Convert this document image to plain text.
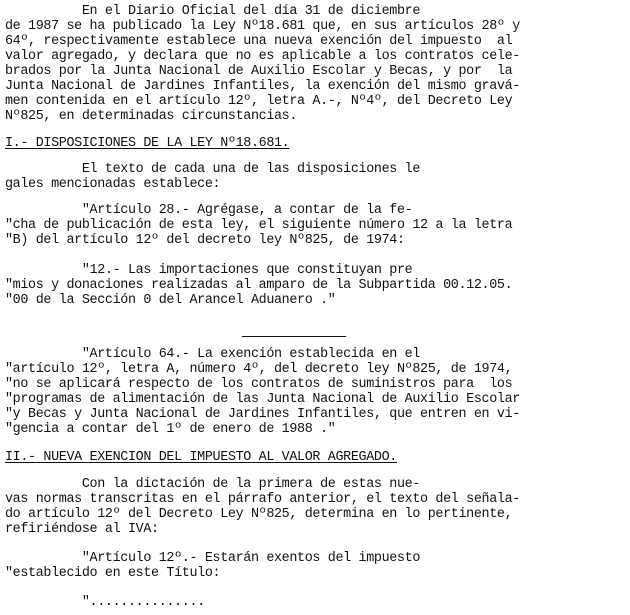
En el Diario Oficial del día 31 de diciembre
de 1987 se ha publicado la Ley Nº18.681 que, en sus artículos 28º y
64º, respectivamente establece una nueva exención del impuesto  al
valor agregado, y declara que no es aplicable a los contratos cele-
brados por la Junta Nacional de Auxilio Escolar y Becas, y por  la
Junta Nacional de Jardines Infantiles, la exención del mismo gravá-
men contenida en el artículo 12º, letra A.-, Nº4º, del Decreto Ley
Nº825, en determinadas circunstancias.
I.- DISPOSICIONES DE LA LEY Nº18.681.
El texto de cada una de las disposiciones le
gales mencionadas establece:
"Artículo 28.- Agrégase, a contar de la fe-
"cha de publicación de esta ley, el siguiente número 12 a la letra
"B) del artículo 12º del decreto ley Nº825, de 1974:
"12.- Las importaciones que constituyan pre
"mios y donaciones realizadas al amparo de la Subpartida 00.12.05.
"00 de la Sección 0 del Arancel Aduanero ."
"Artículo 64.- La exención establecida en el
"artículo 12º, letra A, número 4º, del decreto ley Nº825, de 1974,
"no se aplicará respecto de los contratos de suministros para  los
"programas de alimentación de las Junta Nacional de Auxilio Escolar
"y Becas y Junta Nacional de Jardines Infantiles, que entren en vi-
"gencia a contar del 1º de enero de 1988 ."
II.- NUEVA EXENCION DEL IMPUESTO AL VALOR AGREGADO.
Con la dictación de la primera de estas nue-
vas normas transcritas en el párrafo anterior, el texto del señala-
do artículo 12º del Decreto Ley Nº825, determina en lo pertinente,
refiriéndose al IVA:
"Artículo 12º.- Estarán exentos del impuesto
"establecido en este Título:
"...............
